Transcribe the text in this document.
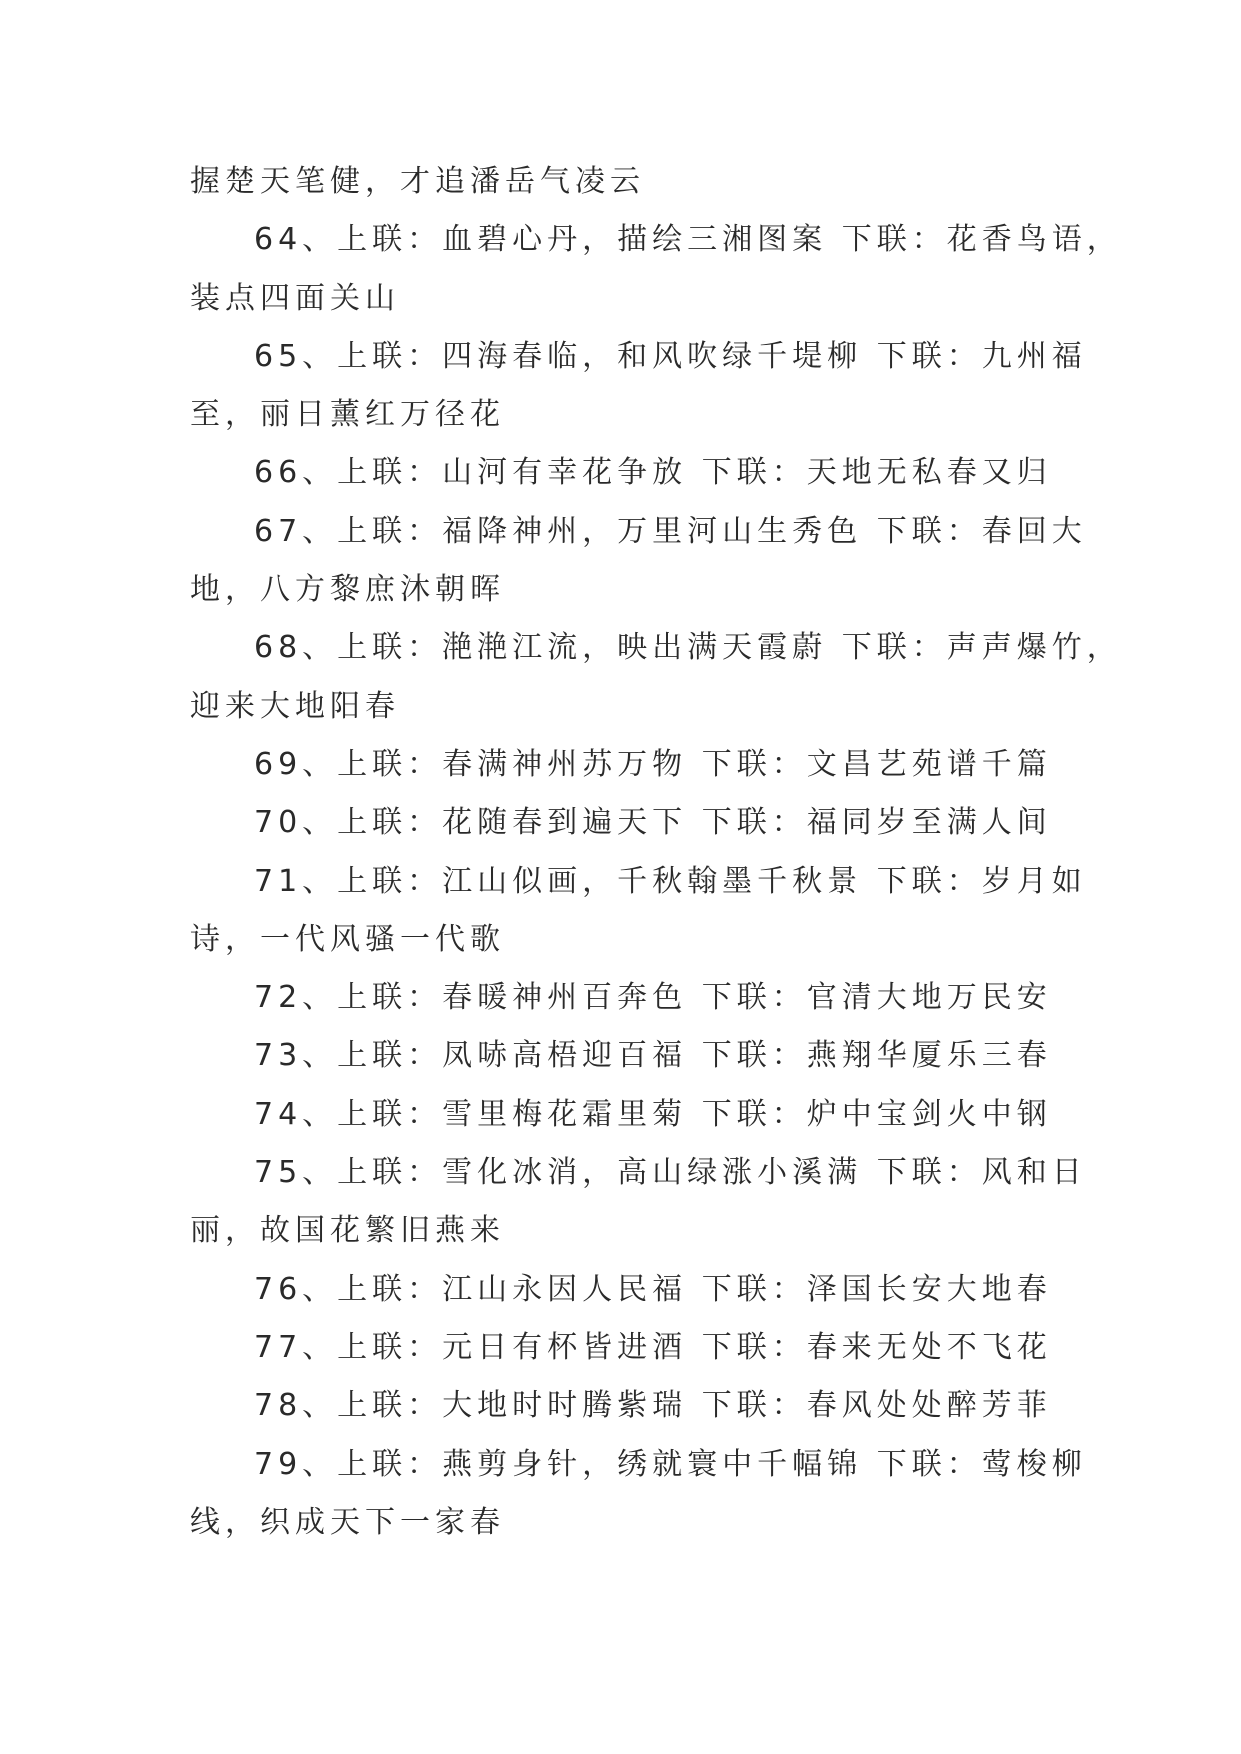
握楚天笔健，才追潘岳气凌云
64、上联：血碧心丹，描绘三湘图案 下联：花香鸟语，
装点四面关山
65、上联：四海春临，和风吹绿千堤柳 下联：九州福
至，丽日薰红万径花
66、上联：山河有幸花争放 下联：天地无私春又归
67、上联：福降神州，万里河山生秀色 下联：春回大
地，八方黎庶沐朝晖
68、上联：滟滟江流，映出满天霞蔚 下联：声声爆竹，
迎来大地阳春
69、上联：春满神州苏万物 下联：文昌艺苑谱千篇
70、上联：花随春到遍天下 下联：福同岁至满人间
71、上联：江山似画，千秋翰墨千秋景 下联：岁月如
诗，一代风骚一代歌
72、上联：春暖神州百奔色 下联：官清大地万民安
73、上联：凤哧高梧迎百福 下联：燕翔华厦乐三春
74、上联：雪里梅花霜里菊 下联：炉中宝剑火中钢
75、上联：雪化冰消，高山绿涨小溪满 下联：风和日
丽，故国花繁旧燕来
76、上联：江山永因人民福 下联：泽国长安大地春
77、上联：元日有杯皆进酒 下联：春来无处不飞花
78、上联：大地时时腾紫瑞 下联：春风处处醉芳菲
79、上联：燕剪身针，绣就寰中千幅锦 下联：莺梭柳
线，织成天下一家春
